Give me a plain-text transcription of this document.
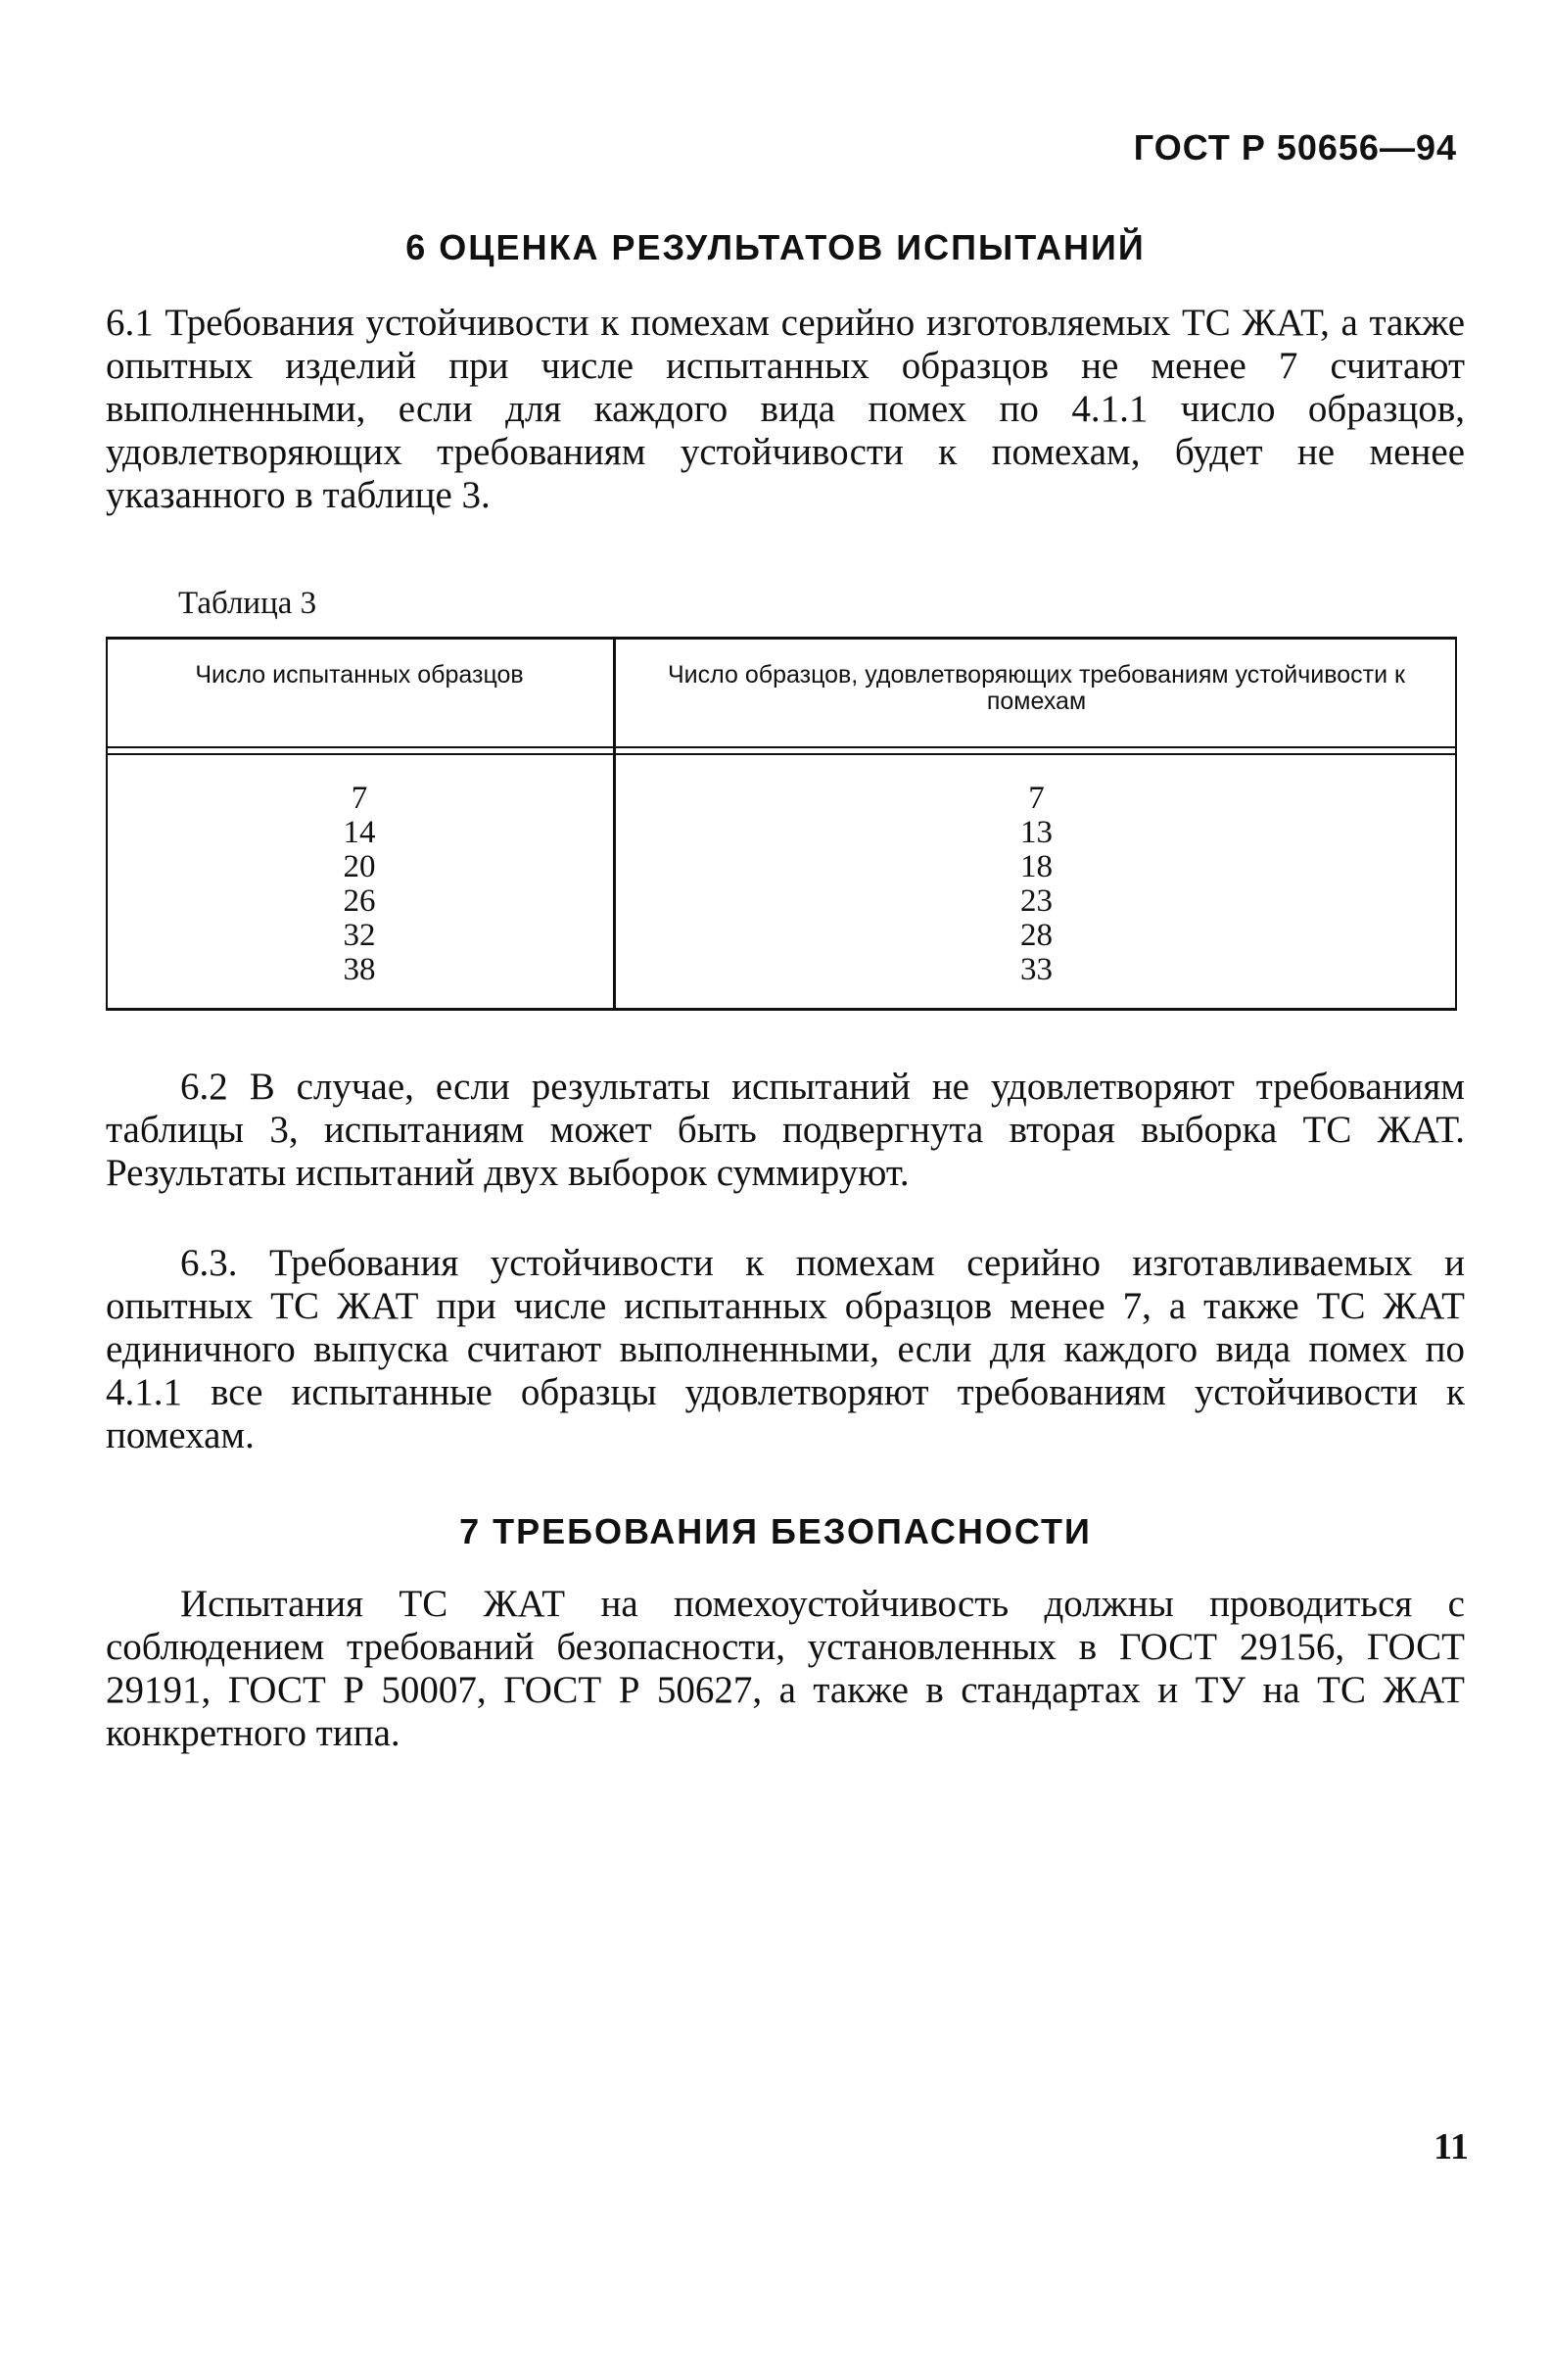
ГОСТ Р 50656—94
6 ОЦЕНКА РЕЗУЛЬТАТОВ ИСПЫТАНИЙ
6.1 Требования устойчивости к помехам серийно изготовляемых ТС ЖАТ, а также опытных изделий при числе испытанных образцов не менее 7 считают выполненными, если для каждого вида помех по 4.1.1 число образцов, удовлетворяющих требованиям устойчивости к помехам, будет не менее указанного в таблице 3.
Таблица 3
Число испытанных образцов	Число образцов, удовлетворяющих требованиям устойчивости к помехам
7
14
20
26
32
38
7
13
18
23
28
33
6.2 В случае, если результаты испытаний не удовлетворяют требованиям таблицы 3, испытаниям может быть подвергнута вторая выборка ТС ЖАТ. Результаты испытаний двух выборок суммируют.
6.3. Требования устойчивости к помехам серийно изготавливаемых и опытных ТС ЖАТ при числе испытанных образцов менее 7, а также ТС ЖАТ единичного выпуска считают выполненными, если для каждого вида помех по 4.1.1 все испытанные образцы удовлетворяют требованиям устойчивости к помехам.
7 ТРЕБОВАНИЯ БЕЗОПАСНОСТИ
Испытания ТС ЖАТ на помехоустойчивость должны проводиться с соблюдением требований безопасности, установленных в ГОСТ 29156, ГОСТ 29191, ГОСТ Р 50007, ГОСТ Р 50627, а также в стандартах и ТУ на ТС ЖАТ конкретного типа.
11
